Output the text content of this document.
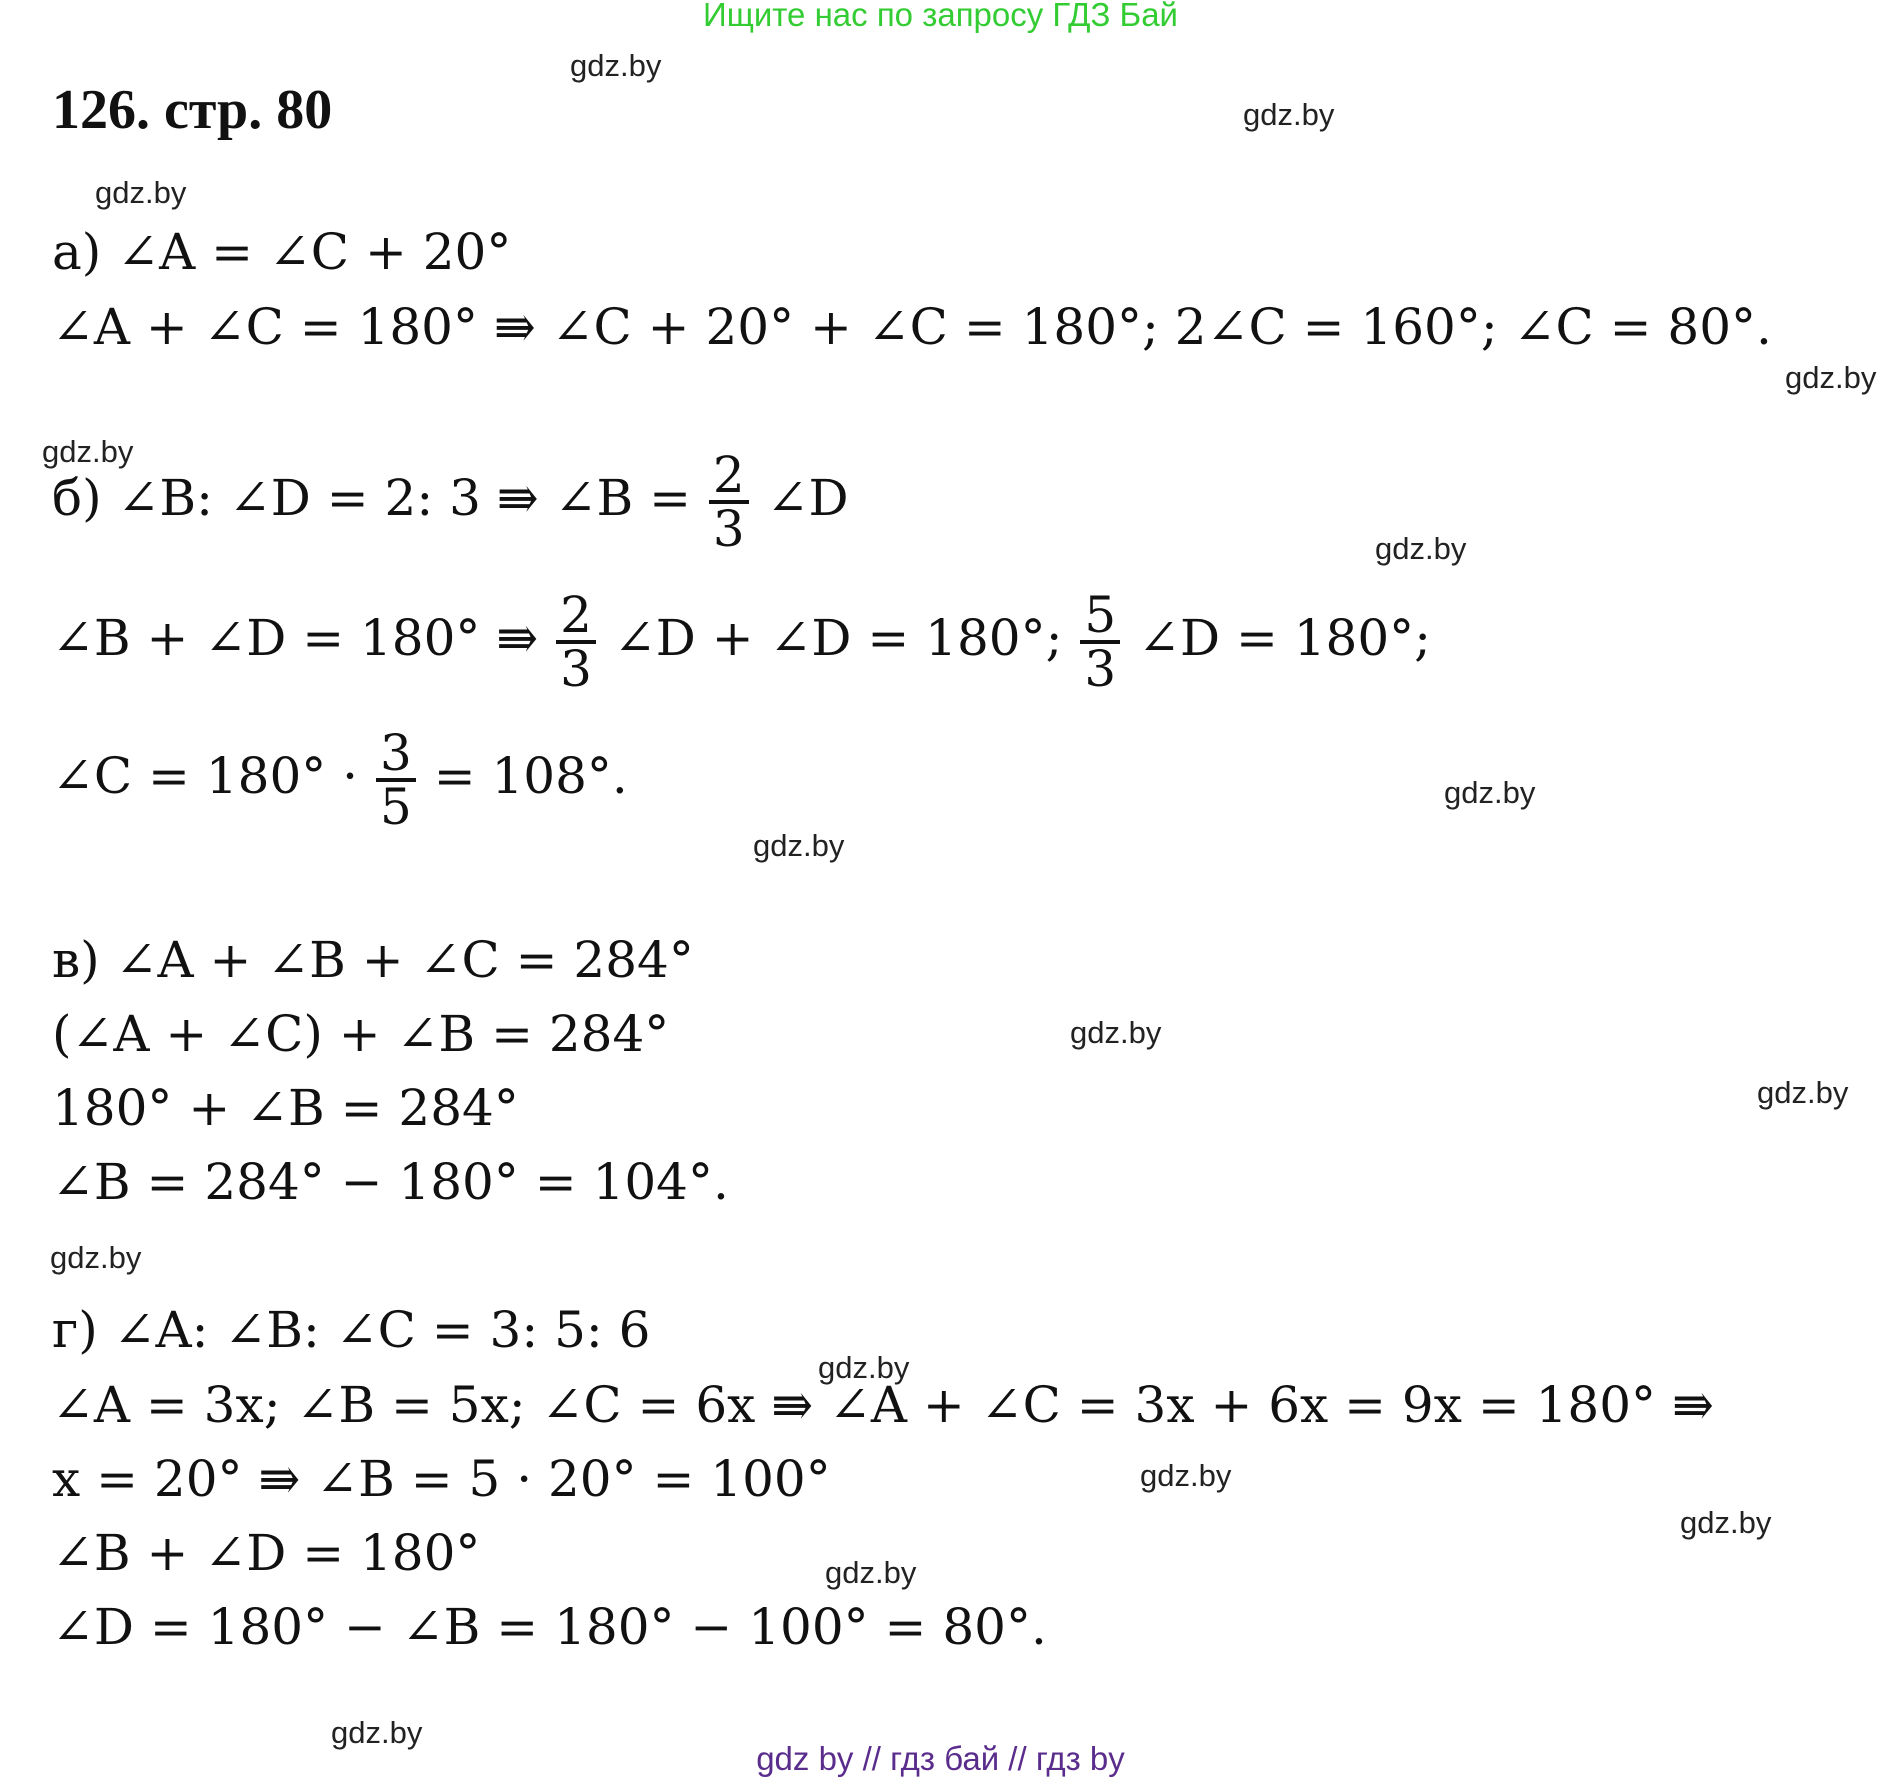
Ищите нас по запросу ГДЗ Бай
126. стр. 80
gdz.by
gdz.by
gdz.by
gdz.by
gdz.by
gdz.by
gdz.by
gdz.by
gdz.by
gdz.by
gdz.by
gdz.by
gdz.by
gdz.by
gdz.by
gdz.by
а) ∠A = ∠C + 20°
∠A + ∠C = 180° ⇛ ∠C + 20° + ∠C = 180°; 2∠C = 160°; ∠C = 80°.
б) ∠B: ∠D = 2: 3 ⇛ ∠B = $\frac{2}{3}$ ∠D
∠B + ∠D = 180° ⇛ $\frac{2}{3}$ ∠D + ∠D = 180°; $\frac{5}{3}$ ∠D = 180°;
∠C = $180^\circ \cdot \frac{3}{5} = 108^\circ$.
в) ∠A + ∠B + ∠C = 284°
(∠A + ∠C) + ∠B = 284°
180° + ∠B = 284°
∠B = 284° − 180° = 104°.
г) ∠A: ∠B: ∠C = 3: 5: 6
∠A = 3x; ∠B = 5x; ∠C = 6x ⇛ ∠A + ∠C = 3x + 6x = 9x = 180° ⇛
x = 20° ⇛ ∠B = 5 · 20° = 100°
∠B + ∠D = 180°
∠D = 180° − ∠B = 180° − 100° = 80°.
gdz by // гдз бай // гдз by
